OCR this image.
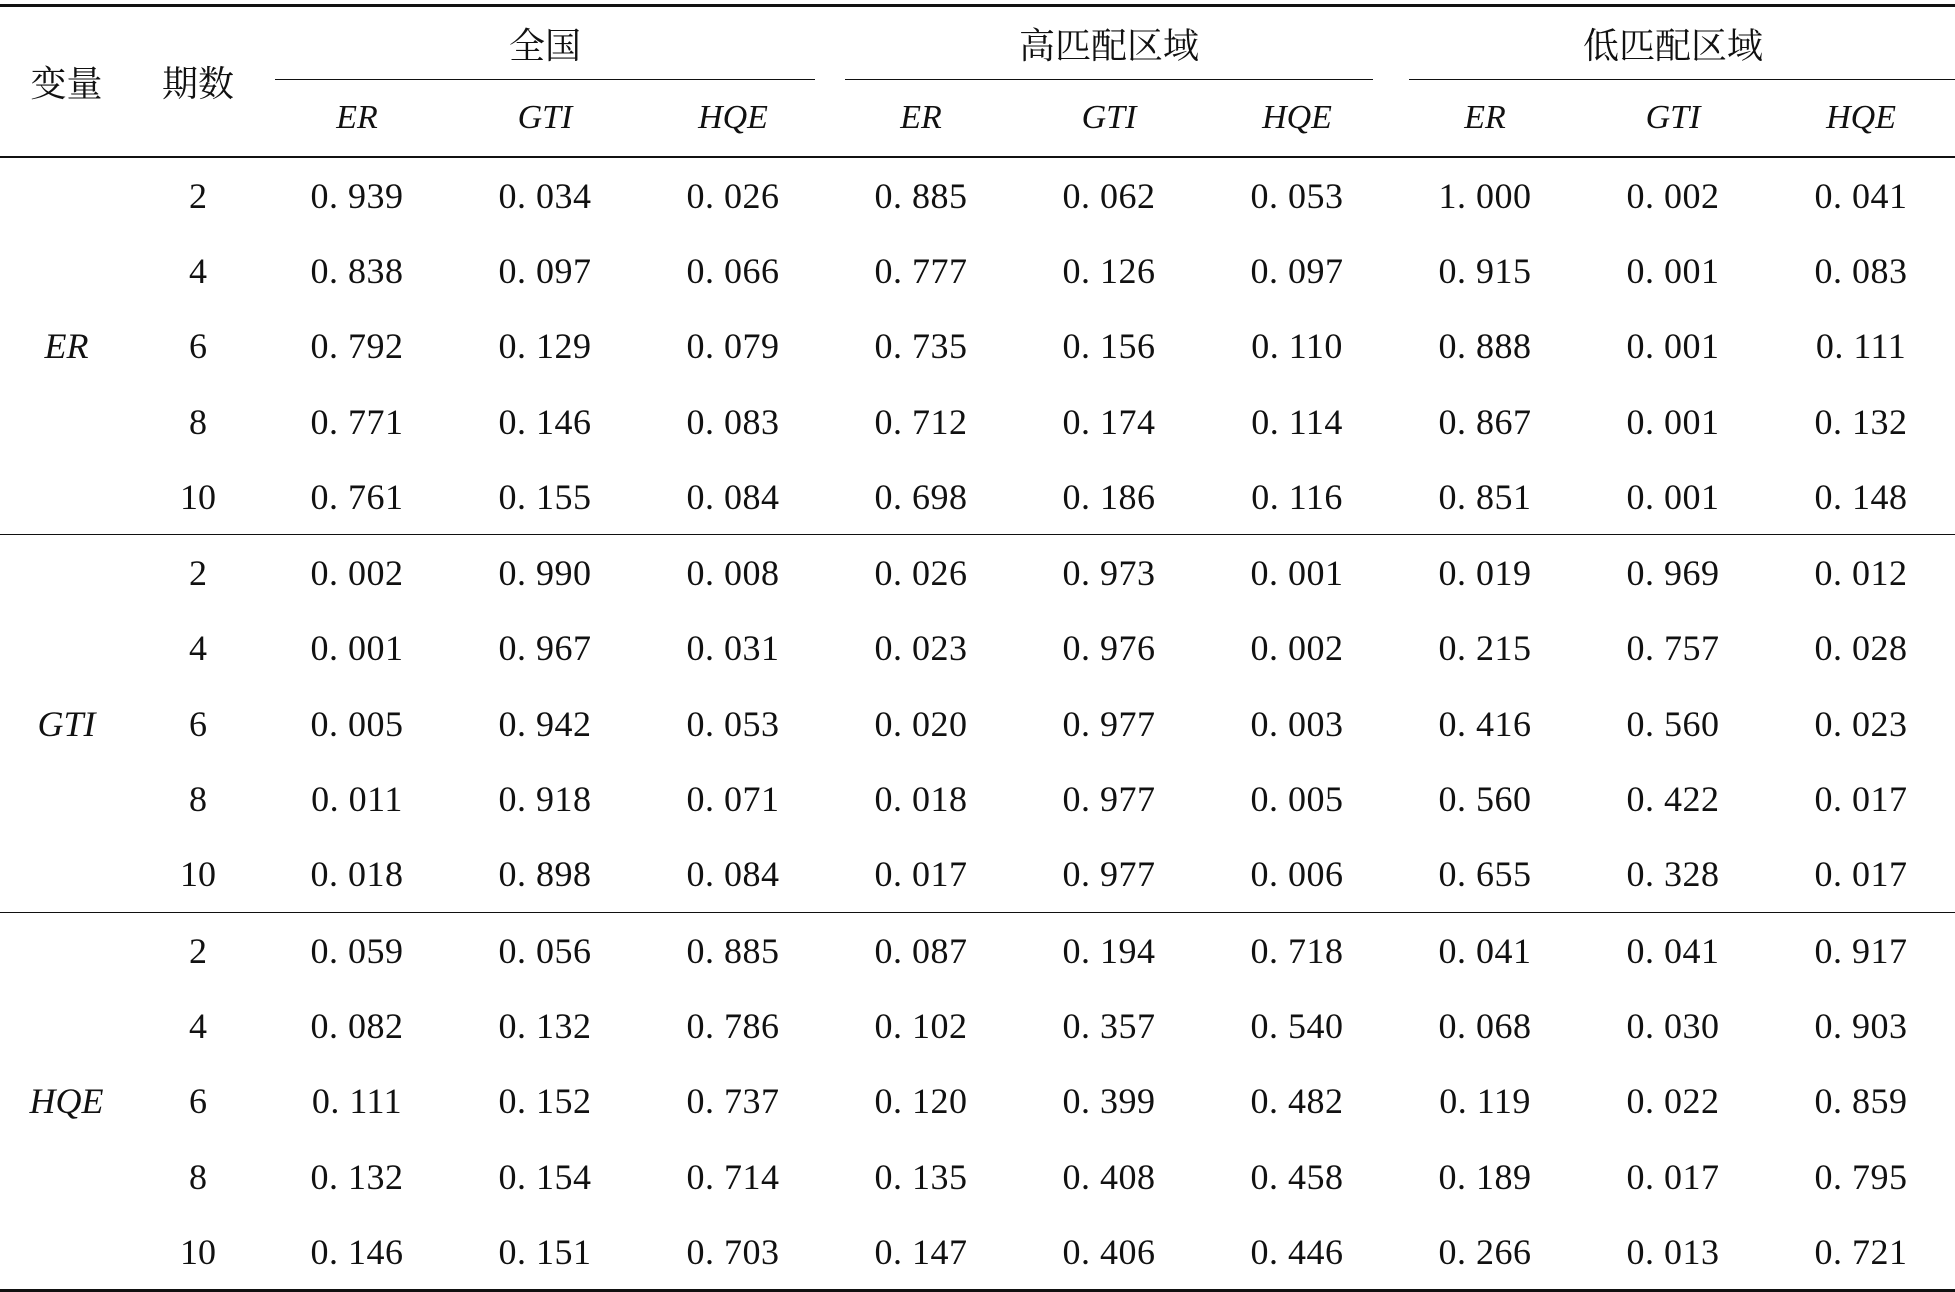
变量	期数	全国			高匹配区域			低匹配区域		
		ER	GTI	HQE	ER	GTI	HQE	ER	GTI	HQE
ER	2	0. 939	0. 034	0. 026	0. 885	0. 062	0. 053	1. 000	0. 002	0. 041
	4	0. 838	0. 097	0. 066	0. 777	0. 126	0. 097	0. 915	0. 001	0. 083
	6	0. 792	0. 129	0. 079	0. 735	0. 156	0. 110	0. 888	0. 001	0. 111
	8	0. 771	0. 146	0. 083	0. 712	0. 174	0. 114	0. 867	0. 001	0. 132
	10	0. 761	0. 155	0. 084	0. 698	0. 186	0. 116	0. 851	0. 001	0. 148
GTI	2	0. 002	0. 990	0. 008	0. 026	0. 973	0. 001	0. 019	0. 969	0. 012
	4	0. 001	0. 967	0. 031	0. 023	0. 976	0. 002	0. 215	0. 757	0. 028
	6	0. 005	0. 942	0. 053	0. 020	0. 977	0. 003	0. 416	0. 560	0. 023
	8	0. 011	0. 918	0. 071	0. 018	0. 977	0. 005	0. 560	0. 422	0. 017
	10	0. 018	0. 898	0. 084	0. 017	0. 977	0. 006	0. 655	0. 328	0. 017
HQE	2	0. 059	0. 056	0. 885	0. 087	0. 194	0. 718	0. 041	0. 041	0. 917
	4	0. 082	0. 132	0. 786	0. 102	0. 357	0. 540	0. 068	0. 030	0. 903
	6	0. 111	0. 152	0. 737	0. 120	0. 399	0. 482	0. 119	0. 022	0. 859
	8	0. 132	0. 154	0. 714	0. 135	0. 408	0. 458	0. 189	0. 017	0. 795
	10	0. 146	0. 151	0. 703	0. 147	0. 406	0. 446	0. 266	0. 013	0. 721
